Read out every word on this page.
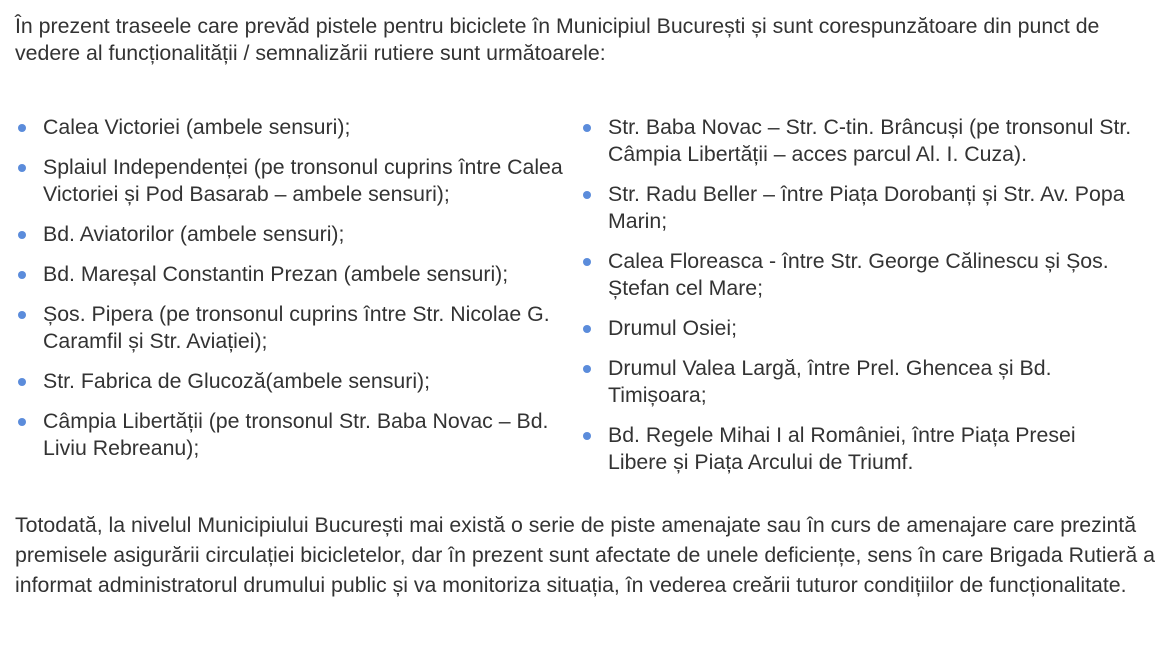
În prezent traseele care prevăd pistele pentru biciclete în Municipiul București și sunt corespunzătoare din punct de vedere al funcționalității / semnalizării rutiere sunt următoarele:

Calea Victoriei (ambele sensuri);
Splaiul Independenței (pe tronsonul cuprins între Calea Victoriei și Pod Basarab – ambele sensuri);
Bd. Aviatorilor (ambele sensuri);
Bd. Mareșal Constantin Prezan (ambele sensuri);
Șos. Pipera (pe tronsonul cuprins între Str. Nicolae G. Caramfil și Str. Aviației);
Str. Fabrica de Glucoză(ambele sensuri);
Câmpia Libertății (pe tronsonul Str. Baba Novac – Bd. Liviu Rebreanu);
Str. Baba Novac – Str. C-tin. Brâncuși (pe tronsonul Str. Câmpia Libertății – acces parcul Al. I. Cuza).
Str. Radu Beller – între Piața Dorobanți și Str. Av. Popa Marin;
Calea Floreasca - între Str. George Călinescu și Șos. Ștefan cel Mare;
Drumul Osiei;
Drumul Valea Largă, între Prel. Ghencea și Bd. Timișoara;
Bd. Regele Mihai I al României, între Piața Presei Libere și Piața Arcului de Triumf.

Totodată, la nivelul Municipiului București mai există o serie de piste amenajate sau în curs de amenajare care prezintă premisele asigurării circulației bicicletelor, dar în prezent sunt afectate de unele deficiențe, sens în care Brigada Rutieră a informat administratorul drumului public și va monitoriza situația, în vederea creării tuturor condițiilor de funcționalitate.
